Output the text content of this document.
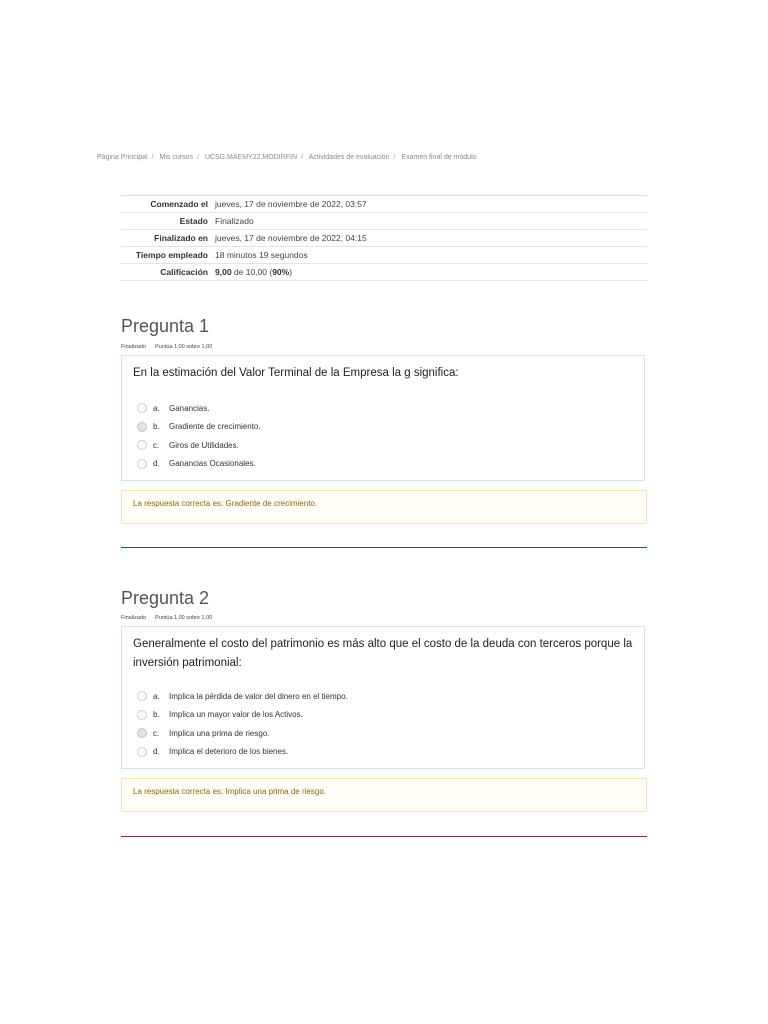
Página Principal / Mis cursos / UCSG.MAEMY22.MODIRFIN / Actividades de evaluación / Examen final de módulo
Comenzado el jueves, 17 de noviembre de 2022, 03:57
Estado Finalizado
Finalizado en jueves, 17 de noviembre de 2022, 04:15
Tiempo empleado 18 minutos 19 segundos
Calificación 9,00 de 10,00 (90%)
Pregunta 1
Finalizado Puntúa 1,00 sobre 1,00
En la estimación del Valor Terminal de la Empresa la g significa:
a.	Ganancias.
b.	Gradiente de crecimiento.
c.	Giros de Utilidades.
d.	Ganancias Ocasionales.
La respuesta correcta es: Gradiente de crecimiento.
Pregunta 2
Finalizado Puntúa 1,00 sobre 1,00
Generalmente el costo del patrimonio es más alto que el costo de la deuda con terceros porque la inversión patrimonial:
a.	Implica la pérdida de valor del dinero en el tiempo.
b.	Implica un mayor valor de los Activos.
c.	Implica una prima de riesgo.
d.	Implica el deterioro de los bienes.
La respuesta correcta es: Implica una prima de riesgo.
